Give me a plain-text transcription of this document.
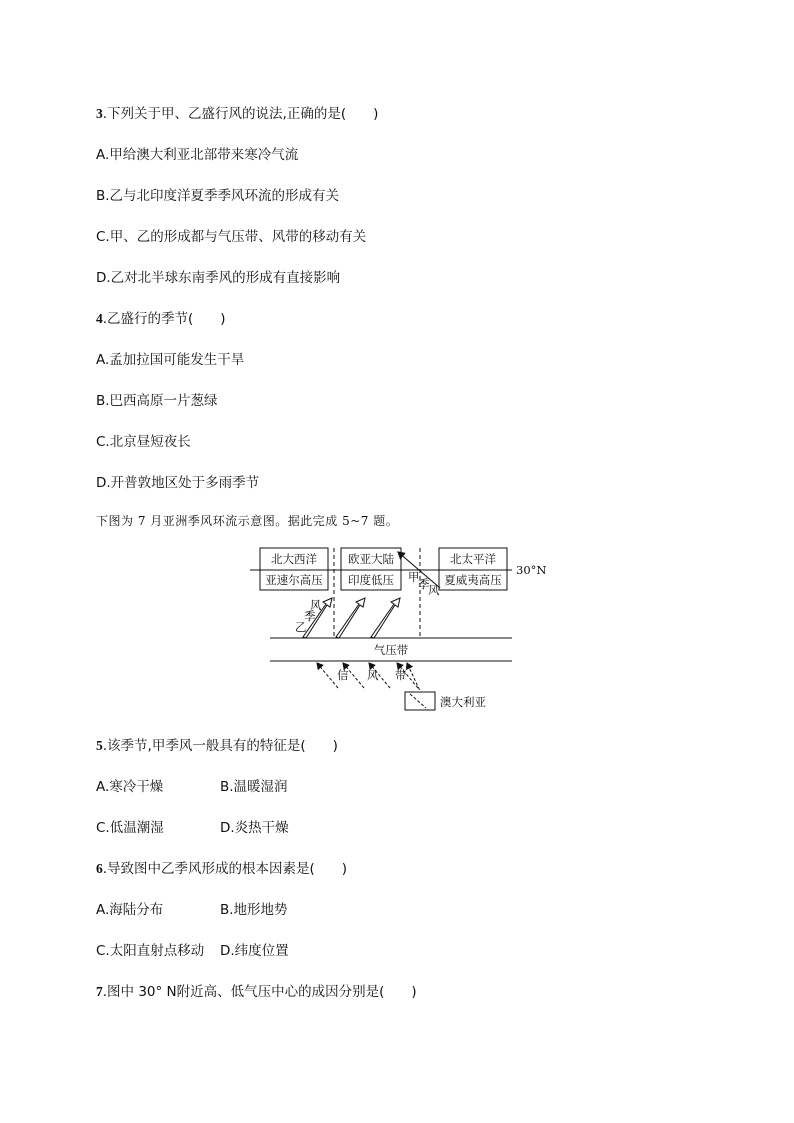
3.下列关于甲、乙盛行风的说法,正确的是(　　)
A.甲给澳大利亚北部带来寒冷气流
B.乙与北印度洋夏季季风环流的形成有关
C.甲、乙的形成都与气压带、风带的移动有关
D.乙对北半球东南季风的形成有直接影响
4.乙盛行的季节(　　)
A.孟加拉国可能发生干旱
B.巴西高原一片葱绿
C.北京昼短夜长
D.开普敦地区处于多雨季节
下图为 7 月亚洲季风环流示意图。据此完成 5~7 题。
北大西洋
亚速尔高压
欧亚大陆
印度低压
北太平洋
夏威夷高压
30°N
甲
季
风
风
季
乙
气压带
信 风 带
澳大利亚
5.该季节,甲季风一般具有的特征是(　　)
A.寒冷干燥	B.温暖湿润
C.低温潮湿	D.炎热干燥
6.导致图中乙季风形成的根本因素是(　　)
A.海陆分布	B.地形地势
C.太阳直射点移动 D.纬度位置
7.图中 30° N附近高、低气压中心的成因分别是(　　)
